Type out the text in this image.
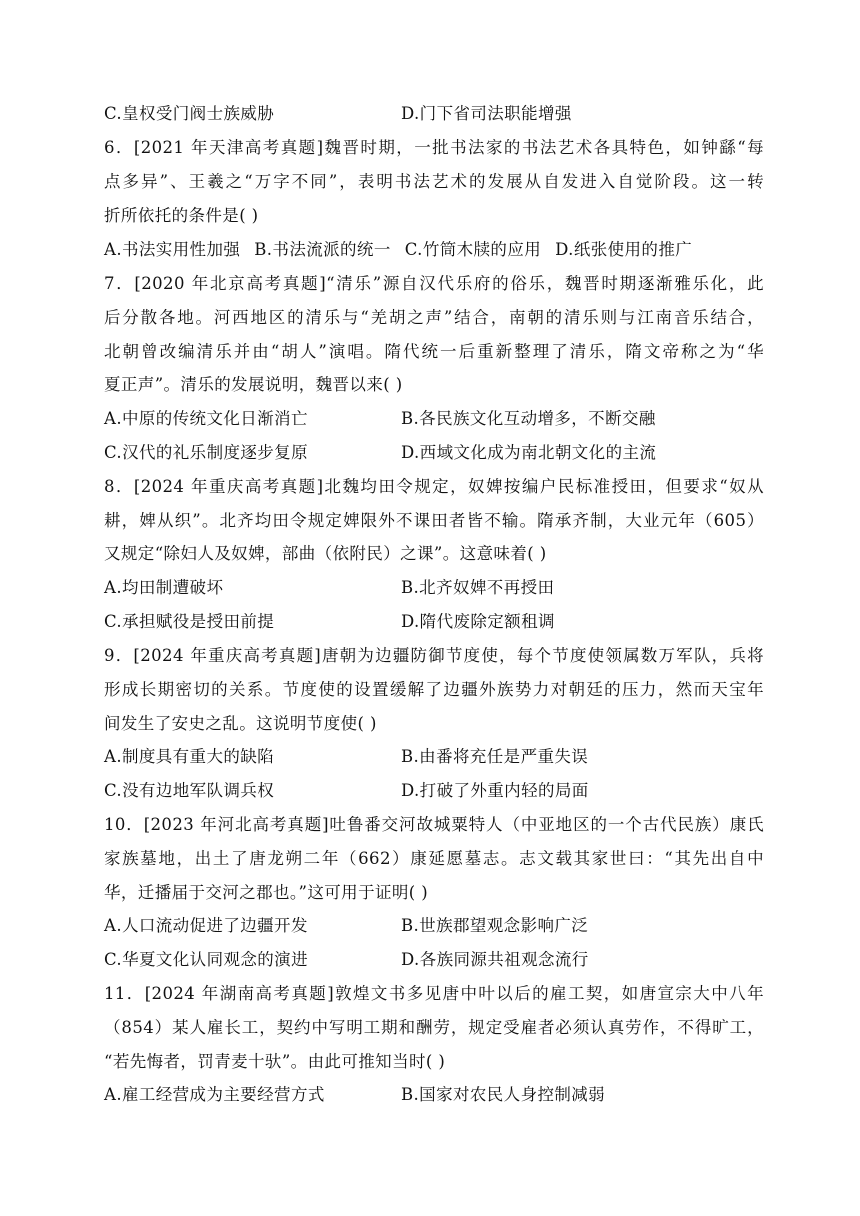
C.皇权受门阀士族威胁	D.门下省司法职能增强
6．[2021 年天津高考真题]魏晋时期，一批书法家的书法艺术各具特色，如钟繇“每
点多异”、王羲之“万字不同”，表明书法艺术的发展从自发进入自觉阶段。这一转
折所依托的条件是( )
A.书法实用性加强 B.书法流派的统一 C.竹筒木牍的应用 D.纸张使用的推广
7．[2020 年北京高考真题]“清乐”源自汉代乐府的俗乐，魏晋时期逐渐雅乐化，此
后分散各地。河西地区的清乐与“羌胡之声”结合，南朝的清乐则与江南音乐结合，
北朝曾改编清乐并由“胡人”演唱。隋代统一后重新整理了清乐，隋文帝称之为“华
夏正声”。清乐的发展说明，魏晋以来( )
A.中原的传统文化日渐消亡	B.各民族文化互动增多，不断交融
C.汉代的礼乐制度逐步复原	D.西域文化成为南北朝文化的主流
8．[2024 年重庆高考真题]北魏均田令规定，奴婢按编户民标准授田，但要求“奴从
耕，婢从织”。北齐均田令规定婢限外不课田者皆不输。隋承齐制，大业元年（605）
又规定“除妇人及奴婢，部曲（依附民）之课”。这意味着( )
A.均田制遭破坏	B.北齐奴婢不再授田
C.承担赋役是授田前提	D.隋代废除定额租调
9．[2024 年重庆高考真题]唐朝为边疆防御节度使，每个节度使领属数万军队，兵将
形成长期密切的关系。节度使的设置缓解了边疆外族势力对朝廷的压力，然而天宝年
间发生了安史之乱。这说明节度使( )
A.制度具有重大的缺陷	B.由番将充任是严重失误
C.没有边地军队调兵权	D.打破了外重内轻的局面
10．[2023 年河北高考真题]吐鲁番交河故城粟特人（中亚地区的一个古代民族）康氏
家族墓地，出土了唐龙朔二年（662）康延愿墓志。志文载其家世曰：“其先出自中
华，迁播届于交河之郡也。”这可用于证明( )
A.人口流动促进了边疆开发	B.世族郡望观念影响广泛
C.华夏文化认同观念的演进	D.各族同源共祖观念流行
11．[2024 年湖南高考真题]敦煌文书多见唐中叶以后的雇工契，如唐宣宗大中八年
（854）某人雇长工，契约中写明工期和酬劳，规定受雇者必须认真劳作，不得旷工，
“若先悔者，罚青麦十驮”。由此可推知当时( )
A.雇工经营成为主要经营方式	B.国家对农民人身控制减弱
